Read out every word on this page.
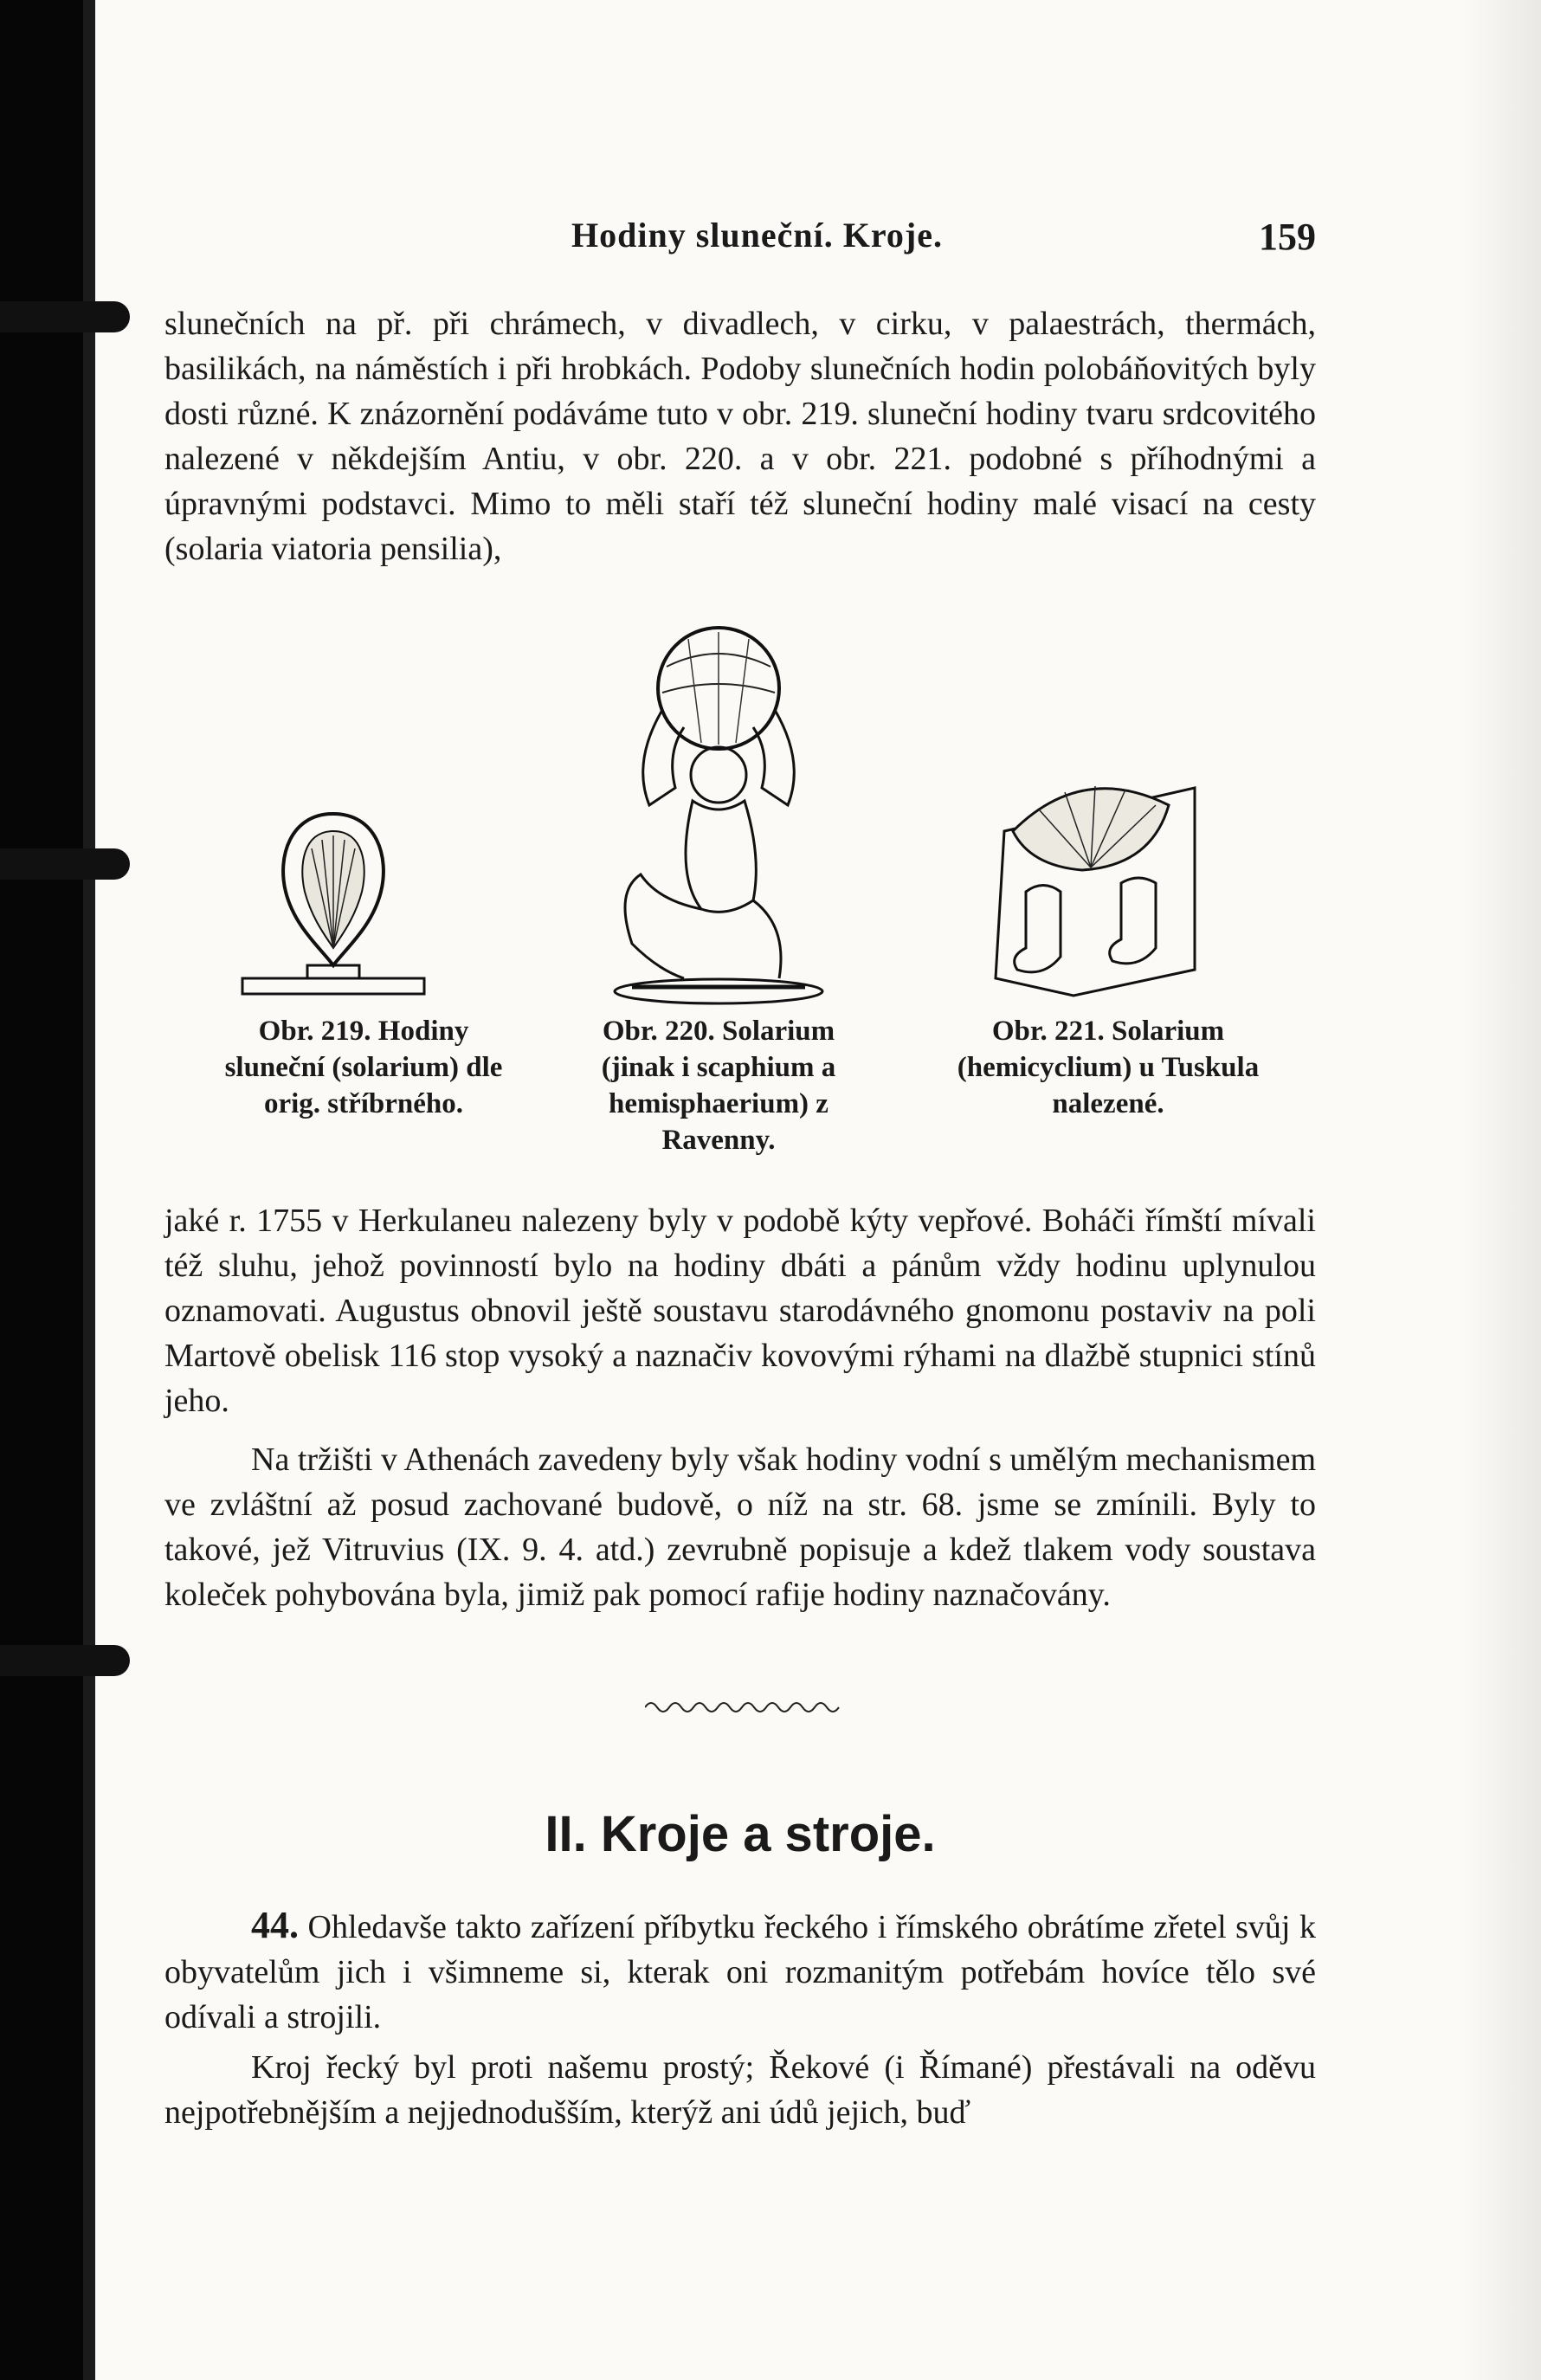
Hodiny sluneční. Kroje.	159

slunečních na př. při chrámech, v divadlech, v cirku, v palaestrách, thermách, basilikách, na náměstích i při hrobkách. Podoby slunečních hodin polobáňovitých byly dosti různé. K znázornění podáváme tuto v obr. 219. sluneční hodiny tvaru srdcovitého nalezené v někdejším Antiu, v obr. 220. a v obr. 221. podobné s příhodnými a úpravnými podstavci. Mimo to měli staří též sluneční hodiny malé visací na cesty (solaria viatoria pensilia),

Obr. 219. Hodiny sluneční (solarium) dle orig. stříbrného.
Obr. 220. Solarium (jinak i scaphium a hemisphaerium) z Ravenny.
Obr. 221. Solarium (hemicyclium) u Tuskula nalezené.

jaké r. 1755 v Herkulaneu nalezeny byly v podobě kýty vepřové. Boháči římští mívali též sluhu, jehož povinností bylo na hodiny dbáti a pánům vždy hodinu uplynulou oznamovati. Augustus obnovil ještě soustavu starodávného gnomonu postaviv na poli Martově obelisk 116 stop vysoký a naznačiv kovovými rýhami na dlažbě stupnici stínů jeho.

Na tržišti v Athenách zavedeny byly však hodiny vodní s umělým mechanismem ve zvláštní až posud zachované budově, o níž na str. 68. jsme se zmínili. Byly to takové, jež Vitruvius (IX. 9. 4. atd.) zevrubně popisuje a kdež tlakem vody soustava koleček pohybována byla, jimiž pak pomocí rafije hodiny naznačovány.

II. Kroje a stroje.

44. Ohledavše takto zařízení příbytku řeckého i římského obrátíme zřetel svůj k obyvatelům jich i všimneme si, kterak oni rozmanitým potřebám hovíce tělo své odívali a strojili.

Kroj řecký byl proti našemu prostý; Řekové (i Římané) přestávali na oděvu nejpotřebnějším a nejjednodušším, kterýž ani údů jejich, buď
